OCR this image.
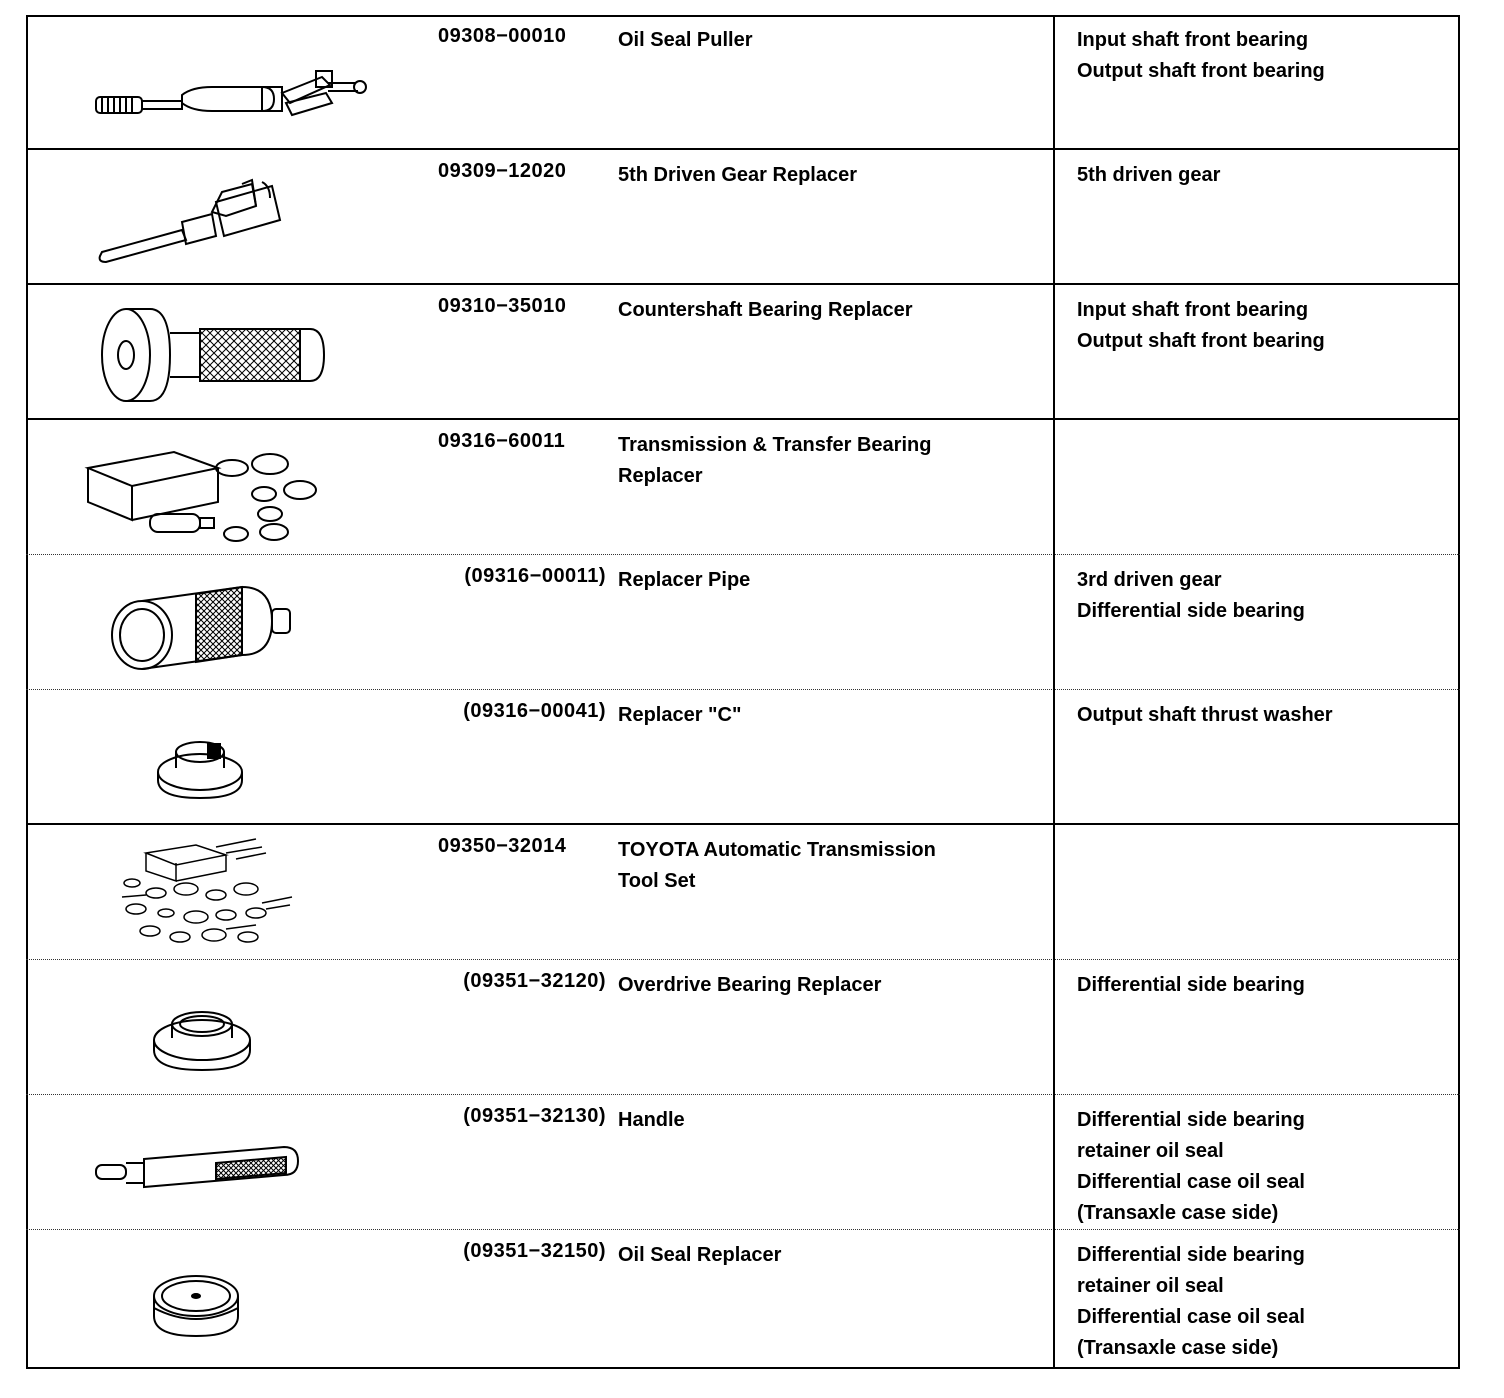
09308−00010	Oil Seal Puller	Input shaft front bearing
Output shaft front bearing
09309−12020	5th Driven Gear Replacer	5th driven gear
09310−35010	Countershaft Bearing Replacer	Input shaft front bearing
Output shaft front bearing
09316−60011	Transmission & Transfer Bearing
Replacer
(09316−00011) Replacer Pipe	3rd driven gear
Differential side bearing
(09316−00041) Replacer "C"	Output shaft thrust washer
09350−32014	TOYOTA Automatic Transmission
Tool Set
(09351−32120) Overdrive Bearing Replacer	Differential side bearing
(09351−32130) Handle	Differential side bearing
retainer oil seal
Differential case oil seal
(Transaxle case side)
(09351−32150) Oil Seal Replacer	Differential side bearing
retainer oil seal
Differential case oil seal
(Transaxle case side)
